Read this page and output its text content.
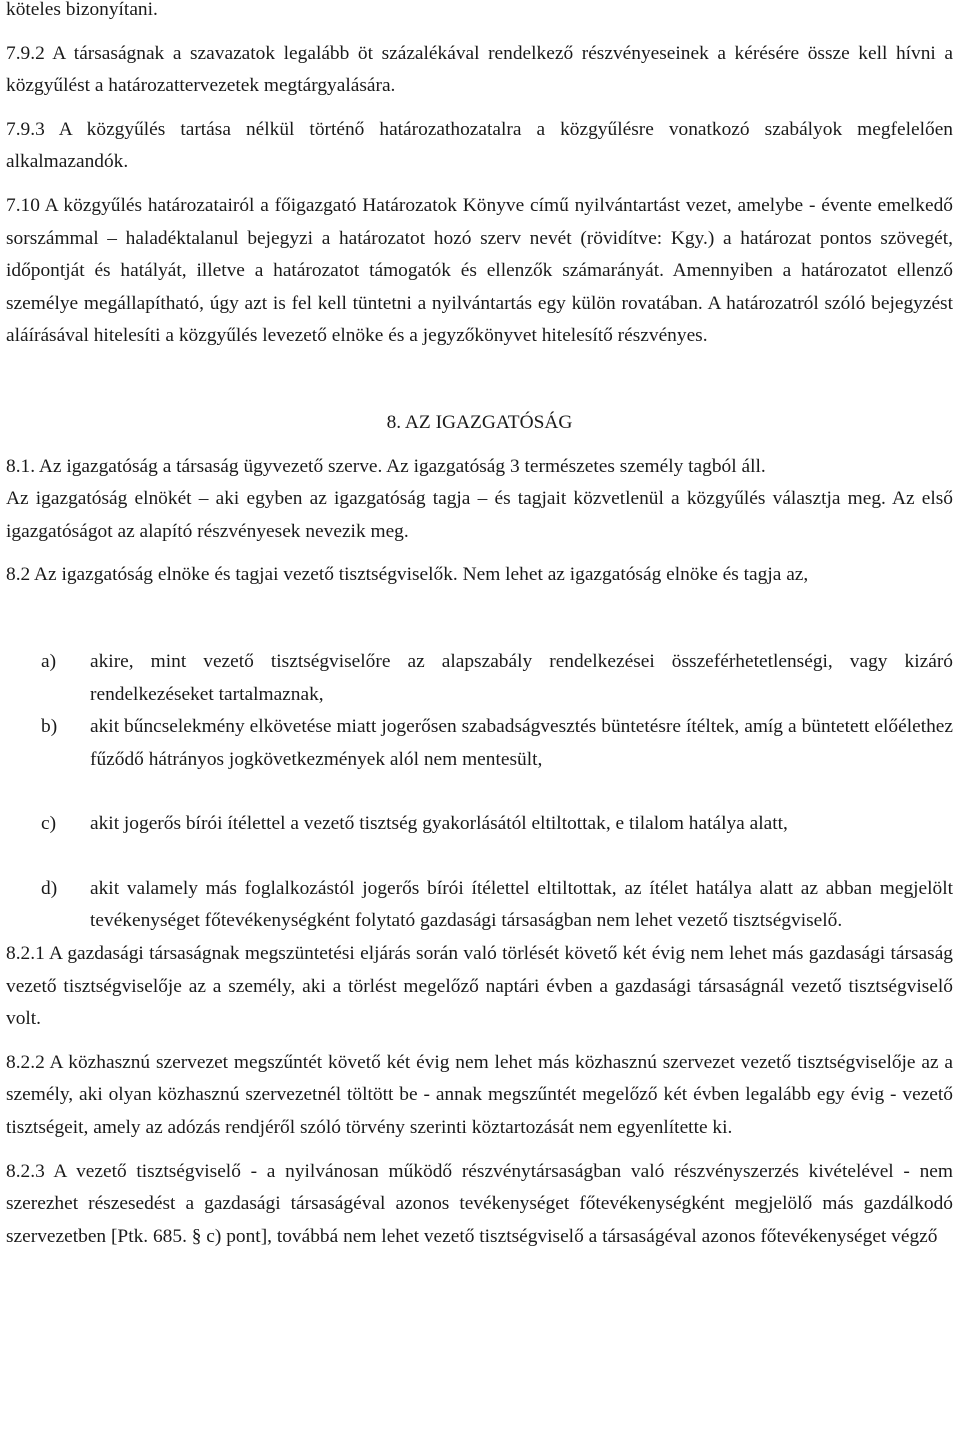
köteles bizonyítani.

7.9.2 A társaságnak a szavazatok legalább öt százalékával rendelkező részvényeseinek a kérésére össze kell hívni a közgyűlést a határozattervezetek megtárgyalására.

7.9.3 A közgyűlés tartása nélkül történő határozathozatalra a közgyűlésre vonatkozó szabályok megfelelően alkalmazandók.

7.10 A közgyűlés határozatairól a főigazgató Határozatok Könyve című nyilvántartást vezet, amelybe - évente emelkedő sorszámmal – haladéktalanul bejegyzi a határozatot hozó szerv nevét (rövidítve: Kgy.) a határozat pontos szövegét, időpontját és hatályát, illetve a határozatot támogatók és ellenzők számarányát. Amennyiben a határozatot ellenző személye megállapítható, úgy azt is fel kell tüntetni a nyilvántartás egy külön rovatában. A határozatról szóló bejegyzést aláírásával hitelesíti a közgyűlés levezető elnöke és a jegyzőkönyvet hitelesítő részvényes.

8. AZ IGAZGATÓSÁG

8.1. Az igazgatóság a társaság ügyvezető szerve. Az igazgatóság 3 természetes személy tagból áll.

Az igazgatóság elnökét – aki egyben az igazgatóság tagja – és tagjait közvetlenül a közgyűlés választja meg. Az első igazgatóságot az alapító részvényesek nevezik meg.

8.2 Az igazgatóság elnöke és tagjai vezető tisztségviselők. Nem lehet az igazgatóság elnöke és tagja az,

a)	akire, mint vezető tisztségviselőre az alapszabály rendelkezései összeférhetetlenségi, vagy kizáró rendelkezéseket tartalmaznak,
b)	akit bűncselekmény elkövetése miatt jogerősen szabadságvesztés büntetésre ítéltek, amíg a büntetett előélethez fűződő hátrányos jogkövetkezmények alól nem mentesült,
c)	akit jogerős bírói ítélettel a vezető tisztség gyakorlásától eltiltottak, e tilalom hatálya alatt,
d)	akit valamely más foglalkozástól jogerős bírói ítélettel eltiltottak, az ítélet hatálya alatt az abban megjelölt tevékenységet főtevékenységként folytató gazdasági társaságban nem lehet vezető tisztségviselő.

8.2.1 A gazdasági társaságnak megszüntetési eljárás során való törlését követő két évig nem lehet más gazdasági társaság vezető tisztségviselője az a személy, aki a törlést megelőző naptári évben a gazdasági társaságnál vezető tisztségviselő volt.

8.2.2 A közhasznú szervezet megszűntét követő két évig nem lehet más közhasznú szervezet vezető tisztségviselője az a személy, aki olyan közhasznú szervezetnél töltött be - annak megszűntét megelőző két évben legalább egy évig - vezető tisztségeit, amely az adózás rendjéről szóló törvény szerinti köztartozását nem egyenlítette ki.

8.2.3 A vezető tisztségviselő - a nyilvánosan működő részvénytársaságban való részvényszerzés kivételével - nem szerezhet részesedést a gazdasági társaságéval azonos tevékenységet főtevékenységként megjelölő más gazdálkodó szervezetben [Ptk. 685. § c) pont], továbbá nem lehet vezető tisztségviselő a társaságéval azonos főtevékenységet végző
